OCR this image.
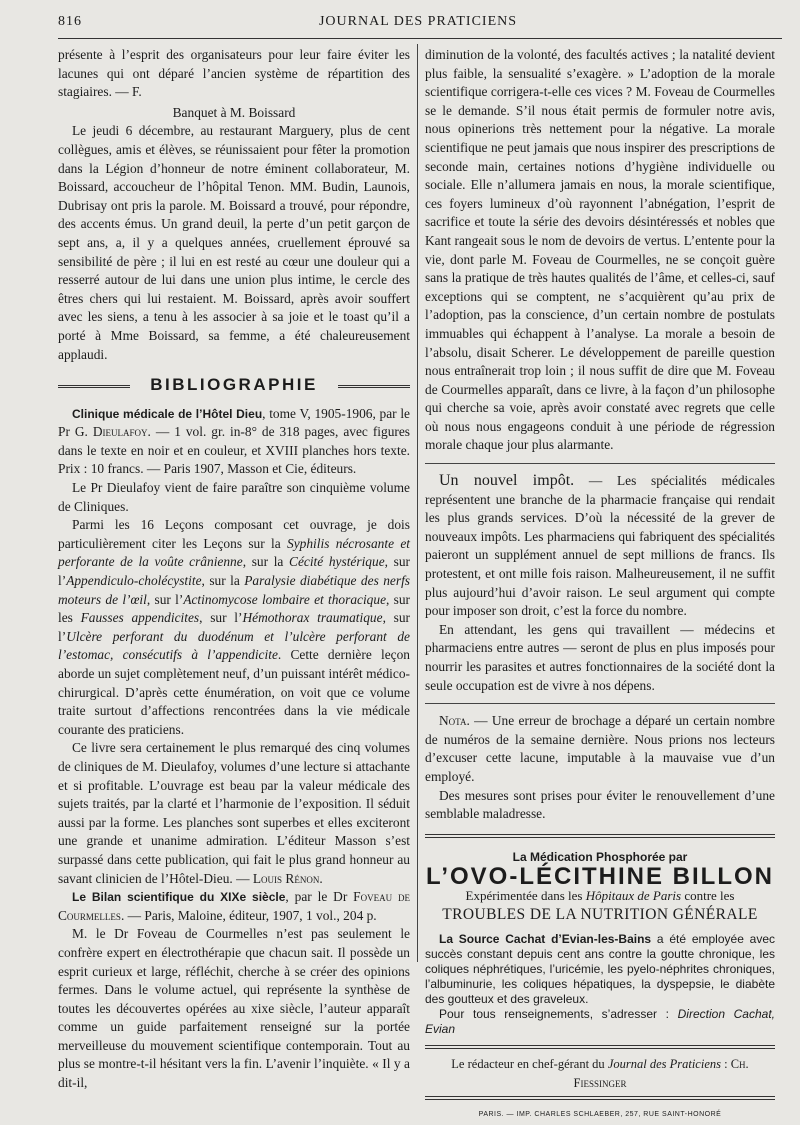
816	JOURNAL DES PRATICIENS

présente à l’esprit des organisateurs pour leur faire éviter les lacunes qui ont déparé l’ancien système de répartition des stagiaires. — F.

Banquet à M. Boissard

Le jeudi 6 décembre, au restaurant Marguery, plus de cent collègues, amis et élèves, se réunissaient pour fêter la promotion dans la Légion d’honneur de notre éminent collaborateur, M. Boissard, accoucheur de l’hôpital Tenon. MM. Budin, Launois, Dubrisay ont pris la parole. M. Boissard a trouvé, pour répondre, des accents émus. Un grand deuil, la perte d’un petit garçon de sept ans, a, il y a quelques années, cruellement éprouvé sa sensibilité de père ; il lui en est resté au cœur une douleur qui a resserré autour de lui dans une union plus intime, le cercle des êtres chers qui lui restaient. M. Boissard, après avoir souffert avec les siens, a tenu à les associer à sa joie et le toast qu’il a porté à Mme Boissard, sa femme, a été chaleureusement applaudi.

BIBLIOGRAPHIE

Clinique médicale de l’Hôtel Dieu, tome V, 1905-1906, par le Pr G. Dieulafoy. — 1 vol. gr. in-8° de 318 pages, avec figures dans le texte en noir et en couleur, et XVIII planches hors texte. Prix : 10 francs. — Paris 1907, Masson et Cie, éditeurs.

Le Pr Dieulafoy vient de faire paraître son cinquième volume de Cliniques.

Parmi les 16 Leçons composant cet ouvrage, je dois particulièrement citer les Leçons sur la Syphilis nécrosante et perforante de la voûte crânienne, sur la Cécité hystérique, sur l’Appendiculo-cholécystite, sur la Paralysie diabétique des nerfs moteurs de l’œil, sur l’Actinomycose lombaire et thoracique, sur les Fausses appendicites, sur l’Hémothorax traumatique, sur l’Ulcère perforant du duodénum et l’ulcère perforant de l’estomac, consécutifs à l’appendicite. Cette dernière leçon aborde un sujet complètement neuf, d’un puissant intérêt médico-chirurgical. D’après cette énumération, on voit que ce volume traite surtout d’affections rencontrées dans la vie médicale courante des praticiens.

Ce livre sera certainement le plus remarqué des cinq volumes de cliniques de M. Dieulafoy, volumes d’une lecture si attachante et si profitable. L’ouvrage est beau par la valeur médicale des sujets traités, par la clarté et l’harmonie de l’exposition. Il séduit aussi par la forme. Les planches sont superbes et elles exciteront une grande et unanime admiration. L’éditeur Masson s’est surpassé dans cette publication, qui fait le plus grand honneur au savant clinicien de l’Hôtel-Dieu. — Louis Rénon.

Le Bilan scientifique du XIXe siècle, par le Dr Foveau de Courmelles. — Paris, Maloine, éditeur, 1907, 1 vol., 204 p.

M. le Dr Foveau de Courmelles n’est pas seulement le confrère expert en électrothérapie que chacun sait. Il possède un esprit curieux et large, réfléchit, cherche à se créer des opinions fermes. Dans le volume actuel, qui représente la synthèse de toutes les découvertes opérées au xixe siècle, l’auteur apparaît comme un guide parfaitement renseigné sur la portée merveilleuse du mouvement scientifique contemporain. Tout au plus se montre-t-il hésitant vers la fin. L’avenir l’inquiète. « Il y a dit-il,

diminution de la volonté, des facultés actives ; la natalité devient plus faible, la sensualité s’exagère. » L’adoption de la morale scientifique corrigera-t-elle ces vices ? M. Foveau de Courmelles se le demande. S’il nous était permis de formuler notre avis, nous opinerions très nettement pour la négative. La morale scientifique ne peut jamais que nous inspirer des prescriptions de seconde main, certaines notions d’hygiène individuelle ou sociale. Elle n’allumera jamais en nous, la morale scientifique, ces foyers lumineux d’où rayonnent l’abnégation, l’esprit de sacrifice et toute la série des devoirs désintéressés et nobles que Kant rangeait sous le nom de devoirs de vertus. L’entente pour la vie, dont parle M. Foveau de Courmelles, ne se conçoit guère sans la pratique de très hautes qualités de l’âme, et celles-ci, sauf exceptions qui se comptent, ne s’acquièrent qu’au prix de l’adoption, pas la conscience, d’un certain nombre de postulats immuables qui échappent à l’analyse. La morale a besoin de l’absolu, disait Scherer. Le développement de pareille question nous entraînerait trop loin ; il nous suffit de dire que M. Foveau de Courmelles apparaît, dans ce livre, à la façon d’un philosophe qui cherche sa voie, après avoir constaté avec regrets que celle où nous nous engageons conduit à une période de régression morale chaque jour plus alarmante.

Un nouvel impôt. — Les spécialités médicales représentent une branche de la pharmacie française qui rendait les plus grands services. D’où la nécessité de la grever de nouveaux impôts. Les pharmaciens qui fabriquent des spécialités paieront un supplément annuel de sept millions de francs. Ils protestent, et ont mille fois raison. Malheureusement, il ne suffit plus aujourd’hui d’avoir raison. Le seul argument qui compte pour imposer son droit, c’est la force du nombre.

En attendant, les gens qui travaillent — médecins et pharmaciens entre autres — seront de plus en plus imposés pour nourrir les parasites et autres fonctionnaires de la société dont la seule occupation est de vivre à nos dépens.

Nota. — Une erreur de brochage a déparé un certain nombre de numéros de la semaine dernière. Nous prions nos lecteurs d’excuser cette lacune, imputable à la mauvaise vue d’un employé.

Des mesures sont prises pour éviter le renouvellement d’une semblable maladresse.

La Médication Phosphorée par

L’OVO-LÉCITHINE BILLON

Expérimentée dans les Hôpitaux de Paris contre les

TROUBLES DE LA NUTRITION GÉNÉRALE

La Source Cachat d’Evian-les-Bains a été employée avec succès constant depuis cent ans contre la goutte chronique, les coliques néphrétiques, l’uricémie, les pyelo-néphrites chroniques, l’albuminurie, les coliques hépatiques, la dyspepsie, le diabète des goutteux et des graveleux.

Pour tous renseignements, s’adresser : Direction Cachat, Evian

Le rédacteur en chef-gérant du Journal des Praticiens : Ch. Fiessinger

PARIS. — IMP. CHARLES SCHLAEBER, 257, RUE SAINT-HONORÉ
